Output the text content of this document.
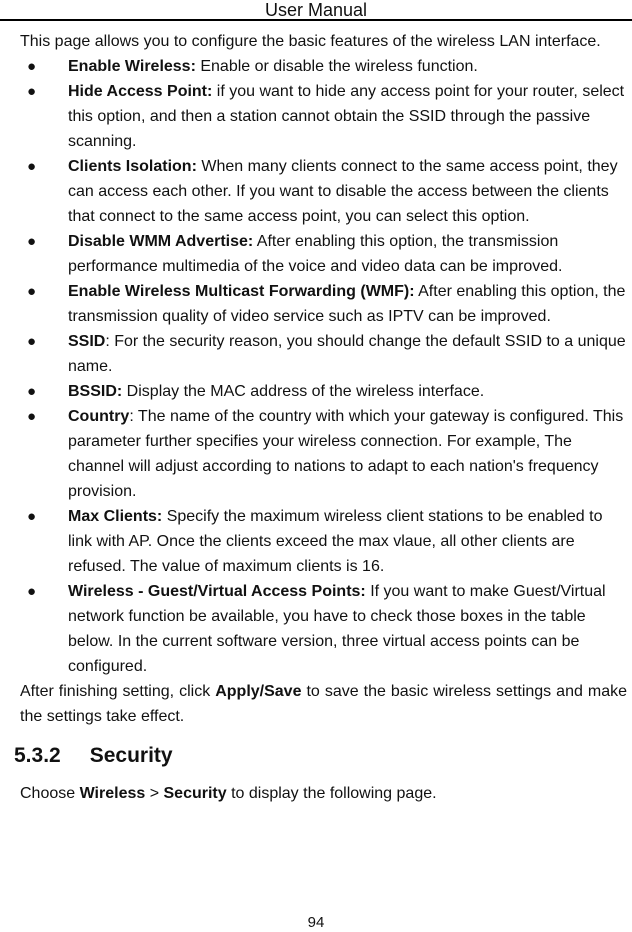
User Manual

This page allows you to configure the basic features of the wireless LAN interface.

● Enable Wireless: Enable or disable the wireless function.
● Hide Access Point: if you want to hide any access point for your router, select this option, and then a station cannot obtain the SSID through the passive scanning.
● Clients Isolation: When many clients connect to the same access point, they can access each other. If you want to disable the access between the clients that connect to the same access point, you can select this option.
● Disable WMM Advertise: After enabling this option, the transmission performance multimedia of the voice and video data can be improved.
● Enable Wireless Multicast Forwarding (WMF): After enabling this option, the transmission quality of video service such as IPTV can be improved.
● SSID: For the security reason, you should change the default SSID to a unique name.
● BSSID: Display the MAC address of the wireless interface.
● Country: The name of the country with which your gateway is configured. This parameter further specifies your wireless connection. For example, The channel will adjust according to nations to adapt to each nation's frequency provision.
● Max Clients: Specify the maximum wireless client stations to be enabled to link with AP. Once the clients exceed the max vlaue, all other clients are refused. The value of maximum clients is 16.
● Wireless - Guest/Virtual Access Points: If you want to make Guest/Virtual network function be available, you have to check those boxes in the table below. In the current software version, three virtual access points can be configured.

After finishing setting, click Apply/Save to save the basic wireless settings and make the settings take effect.

5.3.2 Security

Choose Wireless > Security to display the following page.

94
